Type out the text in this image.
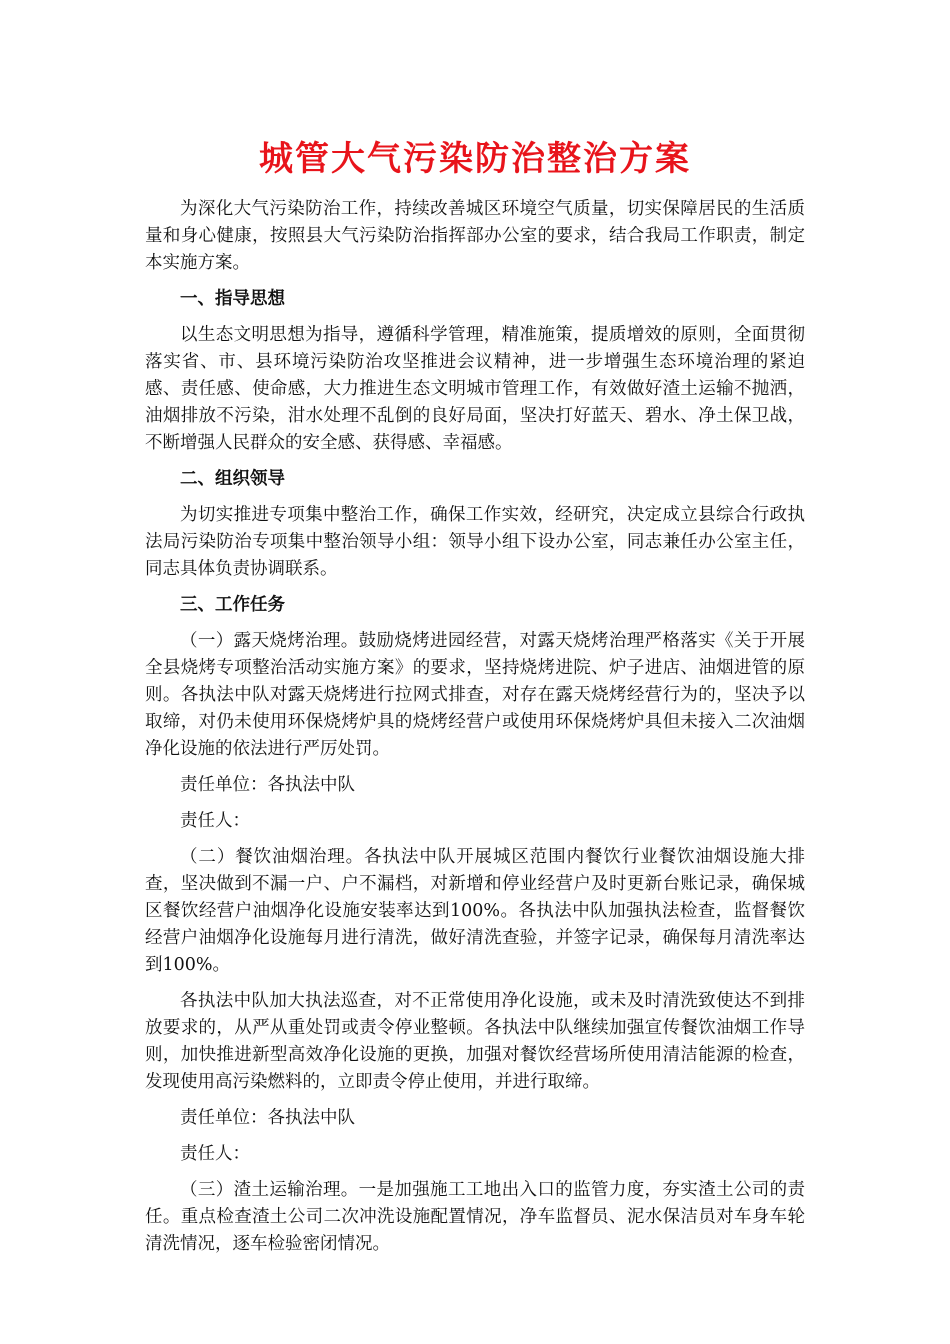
城管大气污染防治整治方案

为深化大气污染防治工作，持续改善城区环境空气质量，切实保障居民的生活质量和身心健康，按照县大气污染防治指挥部办公室的要求，结合我局工作职责，制定本实施方案。

一、指导思想

以生态文明思想为指导，遵循科学管理，精准施策，提质增效的原则，全面贯彻落实省、市、县环境污染防治攻坚推进会议精神，进一步增强生态环境治理的紧迫感、责任感、使命感，大力推进生态文明城市管理工作，有效做好渣土运输不抛洒，油烟排放不污染，泔水处理不乱倒的良好局面，坚决打好蓝天、碧水、净土保卫战，不断增强人民群众的安全感、获得感、幸福感。

二、组织领导

为切实推进专项集中整治工作，确保工作实效，经研究，决定成立县综合行政执法局污染防治专项集中整治领导小组：领导小组下设办公室，同志兼任办公室主任，同志具体负责协调联系。

三、工作任务

（一）露天烧烤治理。鼓励烧烤进园经营，对露天烧烤治理严格落实《关于开展全县烧烤专项整治活动实施方案》的要求，坚持烧烤进院、炉子进店、油烟进管的原则。各执法中队对露天烧烤进行拉网式排查，对存在露天烧烤经营行为的，坚决予以取缔，对仍未使用环保烧烤炉具的烧烤经营户或使用环保烧烤炉具但未接入二次油烟净化设施的依法进行严厉处罚。

责任单位：各执法中队

责任人：

（二）餐饮油烟治理。各执法中队开展城区范围内餐饮行业餐饮油烟设施大排查，坚决做到不漏一户、户不漏档，对新增和停业经营户及时更新台账记录，确保城区餐饮经营户油烟净化设施安装率达到100%。各执法中队加强执法检查，监督餐饮经营户油烟净化设施每月进行清洗，做好清洗查验，并签字记录，确保每月清洗率达到100%。

各执法中队加大执法巡查，对不正常使用净化设施，或未及时清洗致使达不到排放要求的，从严从重处罚或责令停业整顿。各执法中队继续加强宣传餐饮油烟工作导则，加快推进新型高效净化设施的更换，加强对餐饮经营场所使用清洁能源的检查，发现使用高污染燃料的，立即责令停止使用，并进行取缔。

责任单位：各执法中队

责任人：

（三）渣土运输治理。一是加强施工工地出入口的监管力度，夯实渣土公司的责任。重点检查渣土公司二次冲洗设施配置情况，净车监督员、泥水保洁员对车身车轮清洗情况，逐车检验密闭情况。
